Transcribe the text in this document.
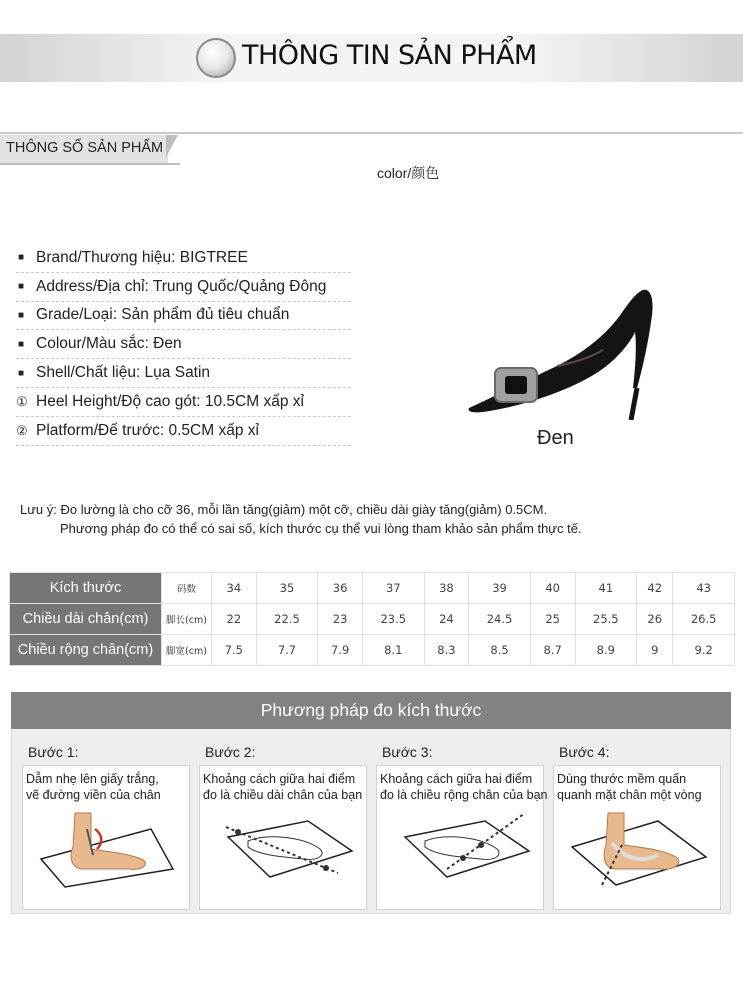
THÔNG TIN SẢN PHẨM
THÔNG SỐ SẢN PHẨM
color/颜色
■ Brand/Thương hiệu: BIGTREE
■ Address/Địa chỉ: Trung Quốc/Quảng Đông
■ Grade/Loại: Sản phẩm đủ tiêu chuẩn
■ Colour/Màu sắc: Đen
■ Shell/Chất liệu: Lụa Satin
① Heel Height/Độ cao gót: 10.5CM xấp xỉ
② Platform/Đế trước: 0.5CM xấp xỉ	Đen
Lưu ý: Đo lường là cho cỡ 36, mỗi lần tăng(giảm) một cỡ, chiều dài giày tăng(giảm) 0.5CM.
Phương pháp đo có thể có sai số, kích thước cụ thể vui lòng tham khảo sản phẩm thực tế.
Kích thước	码数	34	35	36	37	38	39	40	41	42	43
Chiều dài chân(cm)	脚长(cm)	22	22.5	23	23.5	24	24.5	25	25.5	26	26.5
Chiều rộng chân(cm)	脚宽(cm)	7.5	7.7	7.9	8.1	8.3	8.5	8.7	8.9	9	9.2
Phương pháp đo kích thước
Bước 1:
Dẫm nhẹ lên giấy trắng,
vẽ đường viền của chân
Bước 2:
Khoảng cách giữa hai điểm
đo là chiều dài chân của bạn
Bước 3:
Khoảng cách giữa hai điểm
đo là chiều rộng chân của bạn
Bước 4:
Dùng thước mềm quấn
quanh mặt chân một vòng
